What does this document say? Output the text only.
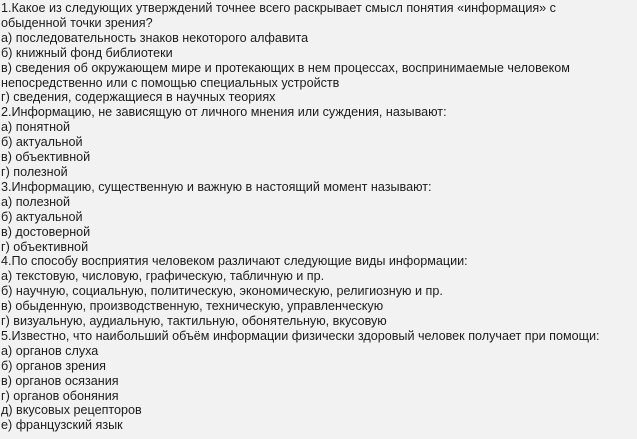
1.Какое из следующих утверждений точнее всего раскрывает смысл понятия «информация» с
обыденной точки зрения?
а) последовательность знаков некоторого алфавита
б) книжный фонд библиотеки
в) сведения об окружающем мире и протекающих в нем процессах, воспринимаемые человеком
непосредственно или с помощью специальных устройств
г) сведения, содержащиеся в научных теориях
2.Информацию, не зависящую от личного мнения или суждения, называют:
а) понятной
б) актуальной
в) объективной
г) полезной
3.Информацию, существенную и важную в настоящий момент называют:
а) полезной
б) актуальной
в) достоверной
г) объективной
4.По способу восприятия человеком различают следующие виды информации:
а) текстовую, числовую, графическую, табличную и пр.
б) научную, социальную, политическую, экономическую, религиозную и пр.
в) обыденную, производственную, техническую, управленческую
г) визуальную, аудиальную, тактильную, обонятельную, вкусовую
5.Известно, что наибольший объём информации физически здоровый человек получает при помощи:
а) органов слуха
б) органов зрения
в) органов осязания
г) органов обоняния
д) вкусовых рецепторов
е) французский язык
